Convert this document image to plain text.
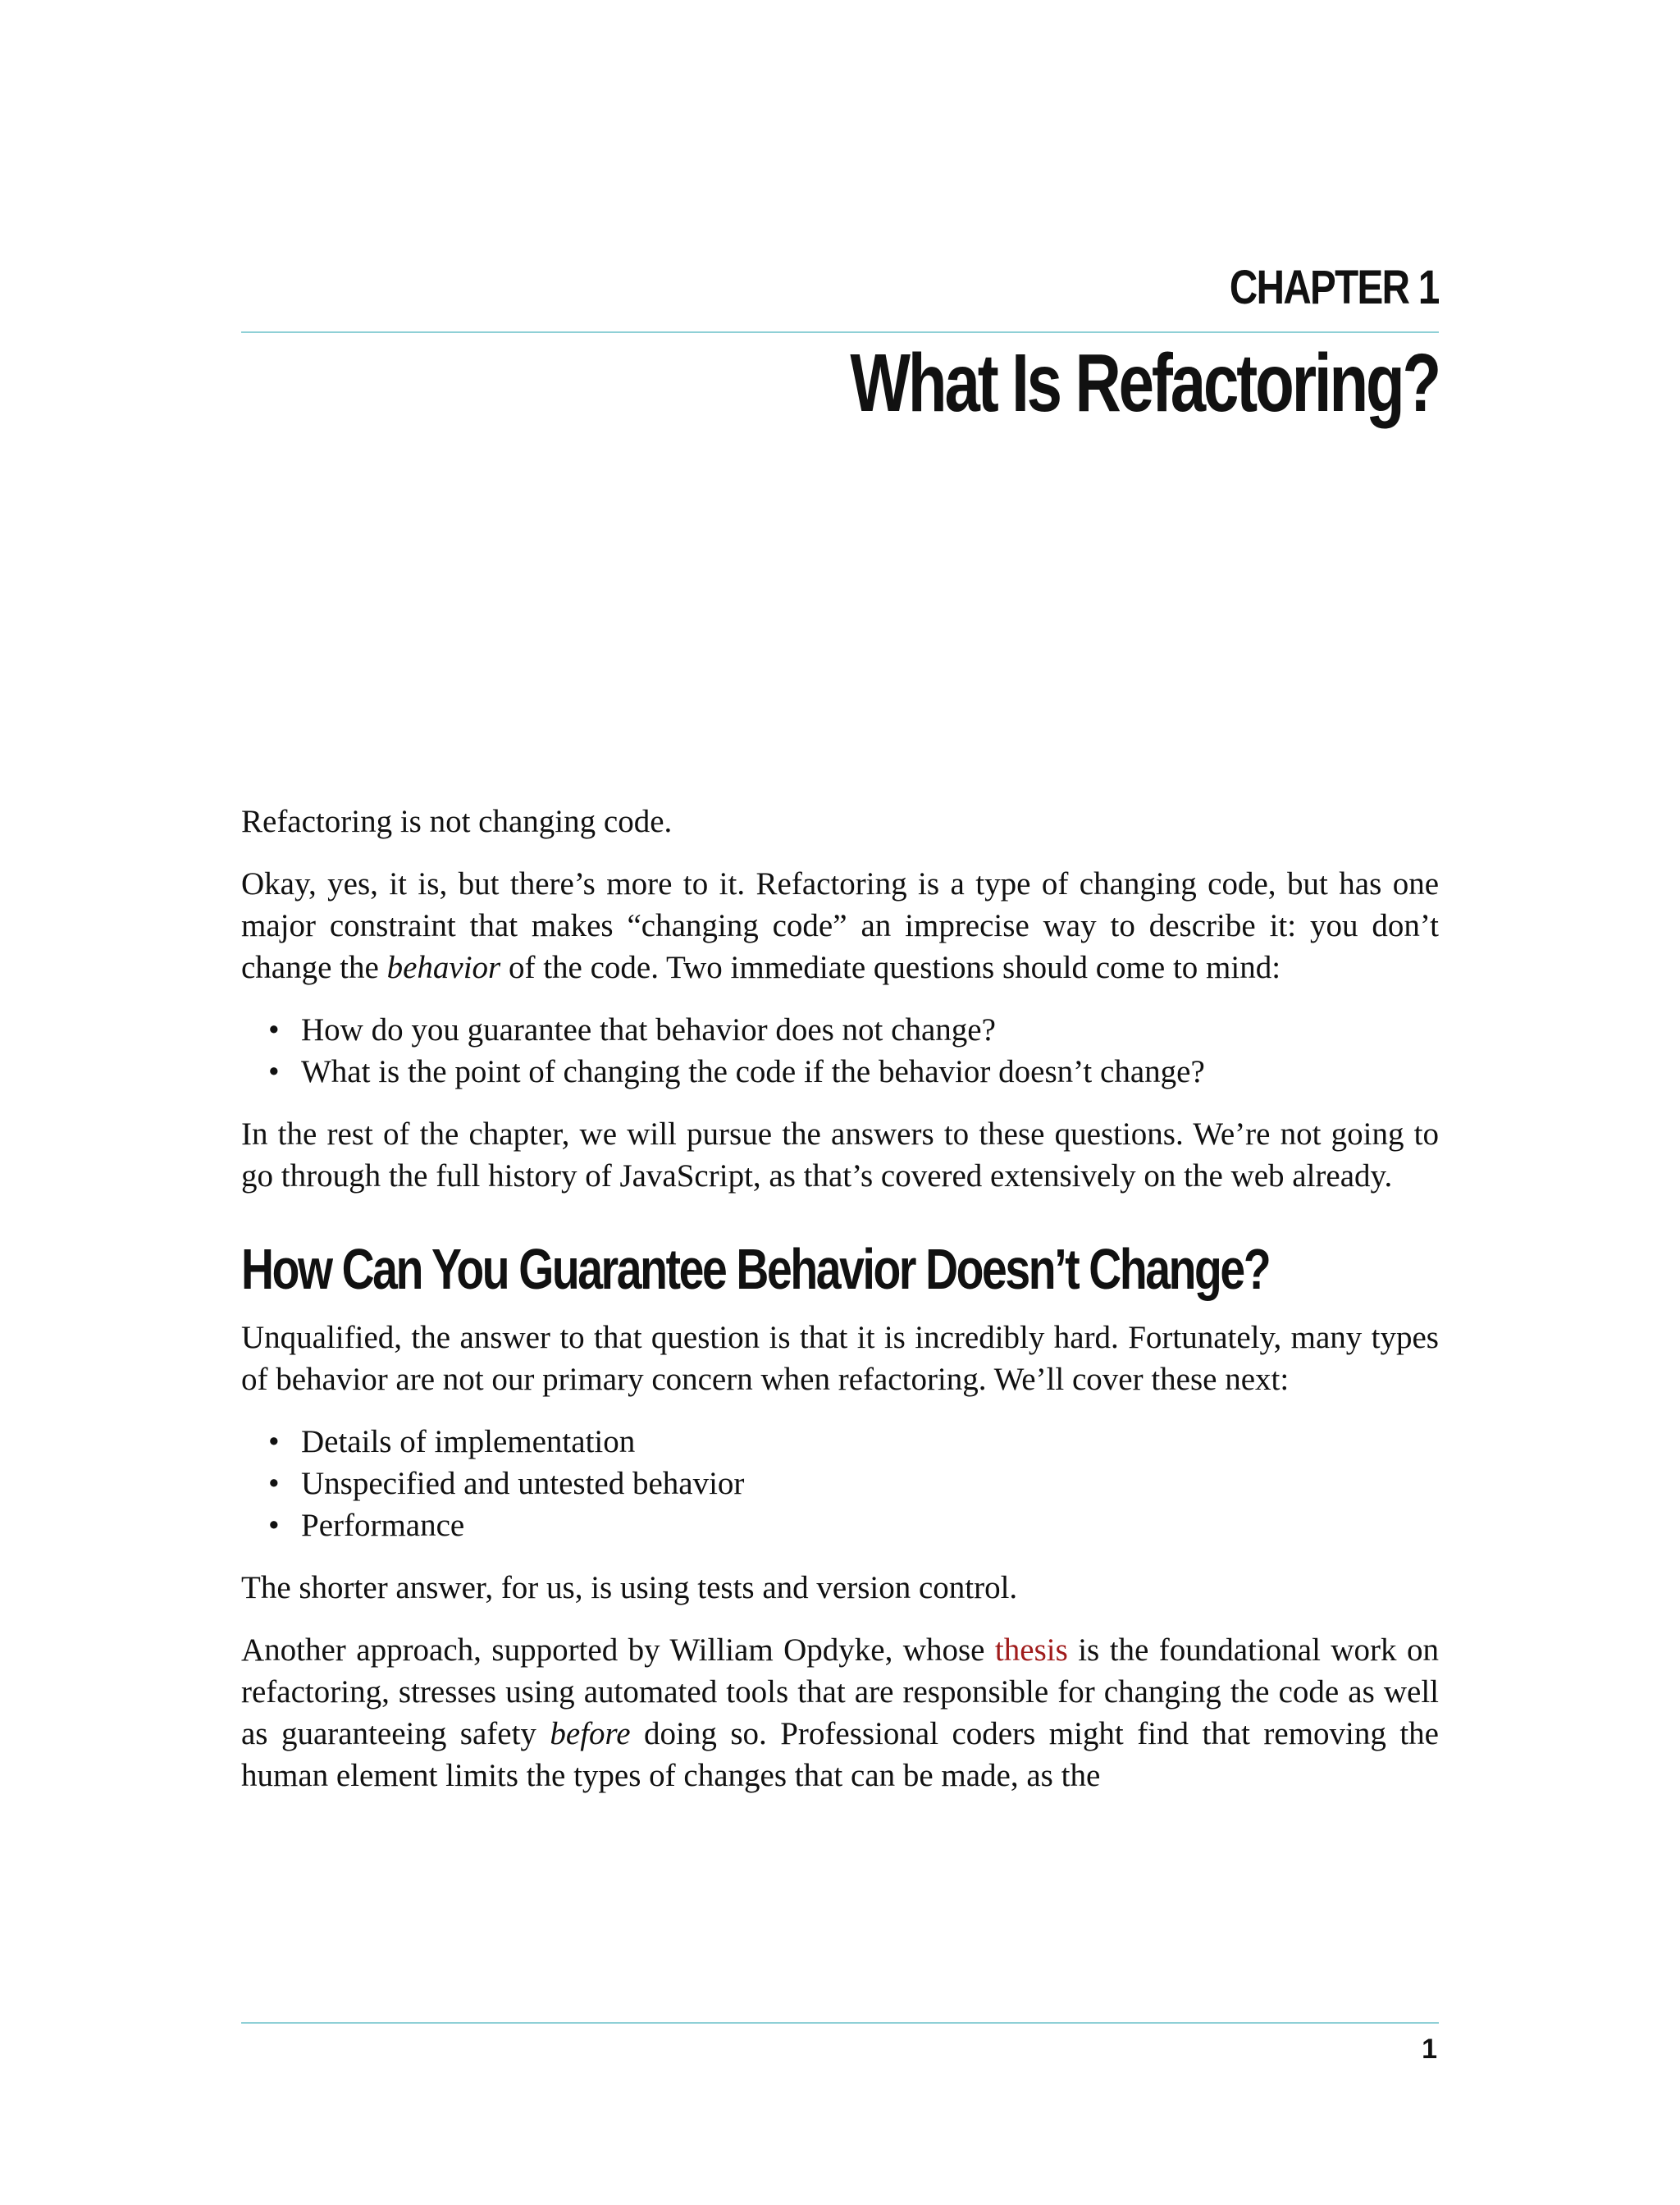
CHAPTER 1
What Is Refactoring?

Refactoring is not changing code.

Okay, yes, it is, but there’s more to it. Refactoring is a type of changing code, but has one major constraint that makes “changing code” an imprecise way to describe it: you don’t change the behavior of the code. Two immediate questions should come to mind:

• How do you guarantee that behavior does not change?
• What is the point of changing the code if the behavior doesn’t change?

In the rest of the chapter, we will pursue the answers to these questions. We’re not going to go through the full history of JavaScript, as that’s covered extensively on the web already.

How Can You Guarantee Behavior Doesn’t Change?

Unqualified, the answer to that question is that it is incredibly hard. Fortunately, many types of behavior are not our primary concern when refactoring. We’ll cover these next:

• Details of implementation
• Unspecified and untested behavior
• Performance

The shorter answer, for us, is using tests and version control.

Another approach, supported by William Opdyke, whose thesis is the foundational work on refactoring, stresses using automated tools that are responsible for changing the code as well as guaranteeing safety before doing so. Professional coders might find that removing the human element limits the types of changes that can be made, as the

1
